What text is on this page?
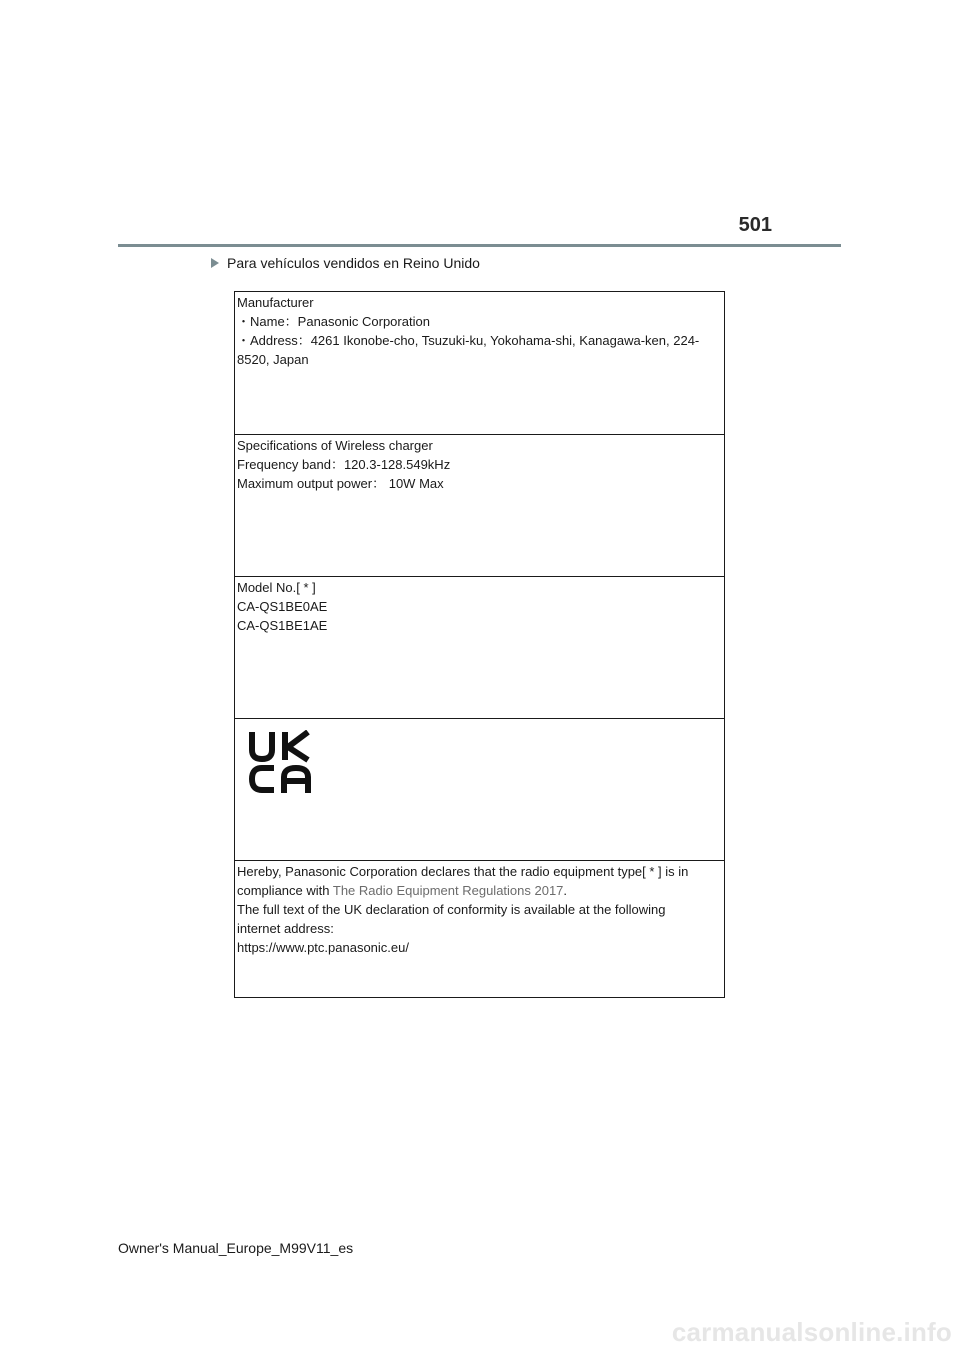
501
Para vehículos vendidos en Reino Unido
Manufacturer
・Name：Panasonic Corporation
・Address：4261 Ikonobe-cho, Tsuzuki-ku, Yokohama-shi, Kanagawa-ken, 224-
8520, Japan
Specifications of Wireless charger
Frequency band：120.3-128.549kHz
Maximum output power： 10W Max
Model No.[ * ]
CA-QS1BE0AE
CA-QS1BE1AE
Hereby, Panasonic Corporation declares that the radio equipment type[ * ] is in
compliance with The Radio Equipment Regulations 2017.
The full text of the UK declaration of conformity is available at the following
internet address:
https://www.ptc.panasonic.eu/
Owner's Manual_Europe_M99V11_es
carmanualsonline.info
